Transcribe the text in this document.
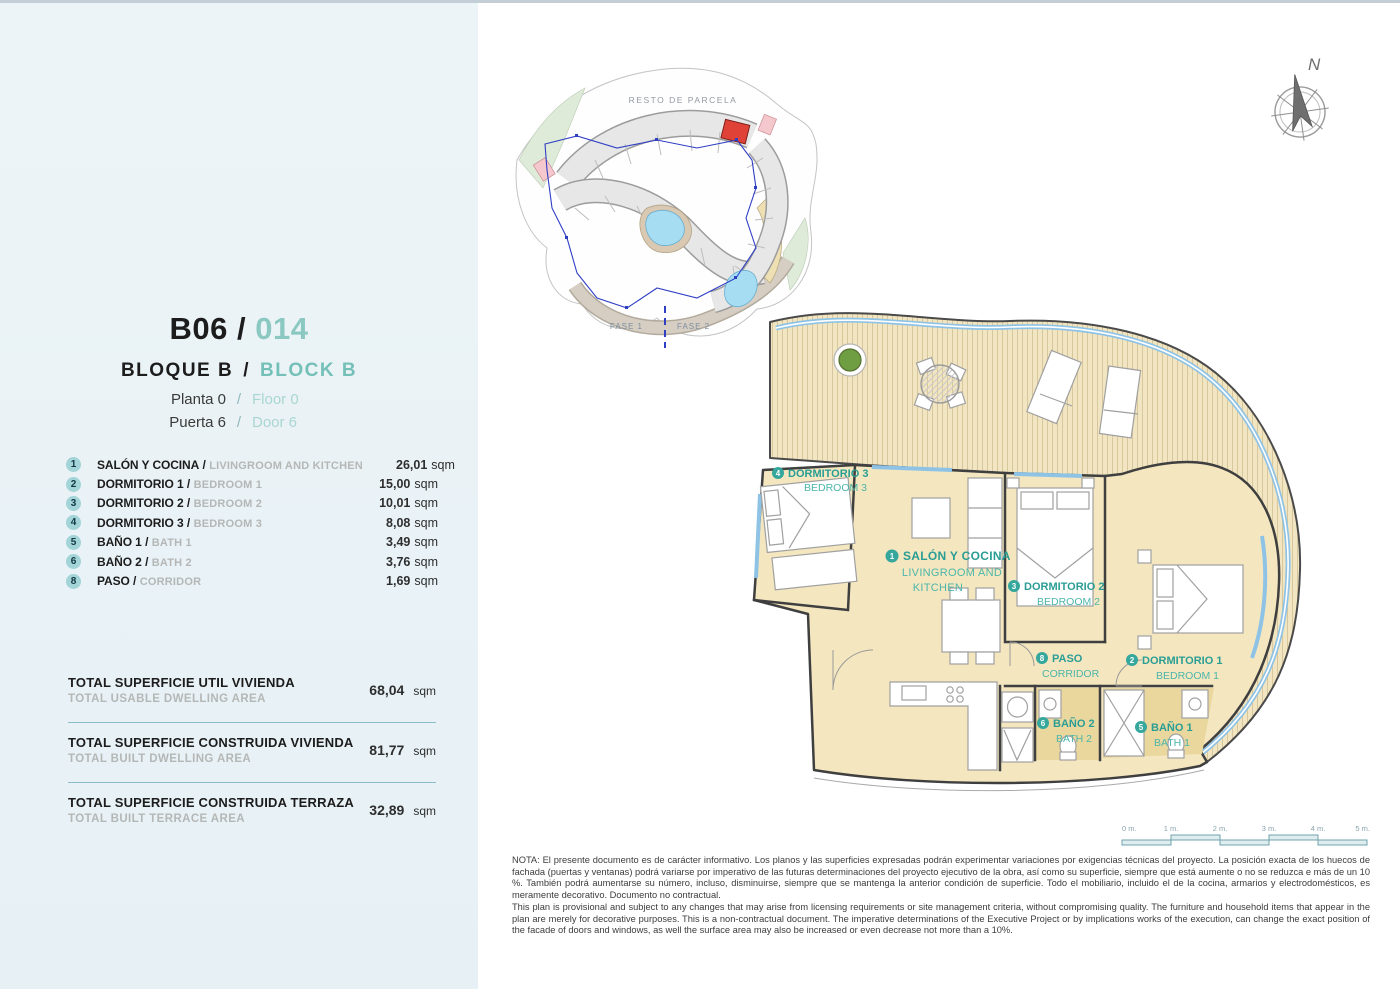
B06 / 014
BLOQUE B / BLOCK B
Planta 0 / Floor 0
Puerta 6 / Door 6
1	SALÓN Y COCINA / LIVINGROOM AND KITCHEN	26,01 sqm
2	DORMITORIO 1 / BEDROOM 1	15,00 sqm
3	DORMITORIO 2 / BEDROOM 2	10,01 sqm
4	DORMITORIO 3 / BEDROOM 3	8,08 sqm
5	BAÑO 1 / BATH 1	3,49 sqm
6	BAÑO 2 / BATH 2	3,76 sqm
8	PASO / CORRIDOR	1,69 sqm
TOTAL SUPERFICIE UTIL VIVIENDA
TOTAL USABLE DWELLING AREA
68,04 sqm
TOTAL SUPERFICIE CONSTRUIDA VIVIENDA
TOTAL BUILT DWELLING AREA
81,77 sqm
TOTAL SUPERFICIE CONSTRUIDA TERRAZA
TOTAL BUILT TERRACE AREA
32,89 sqm
FASE 1	FASE 2
RESTO DE PARCELA
N
1 SALÓN Y COCINA
LIVINGROOM AND
KITCHEN
4 DORMITORIO 3
BEDROOM 3
3 DORMITORIO 2
BEDROOM 2
2 DORMITORIO 1
BEDROOM 1
8 PASO
CORRIDOR
6 BAÑO 2
BATH 2
5 BAÑO 1
BATH 1
0 m.	1 m.	2 m.	3 m.	4 m.	5 m.

NOTA: El presente documento es de carácter informativo. Los planos y las superficies expresadas podrán experimentar variaciones por exigencias técnicas del proyecto. La posición exacta de los huecos de fachada (puertas y ventanas) podrá variarse por imperativo de las futuras determinaciones del proyecto ejecutivo de la obra, así como su superficie, siempre que está aumente o no se reduzca e más de un 10 %. También podrá aumentarse su número, incluso, disminuirse, siempre que se mantenga la anterior condición de superficie. Todo el mobiliario, incluido el de la cocina, armarios y electrodomésticos, es meramente decorativo. Documento no contractual.

This plan is provisional and subject to any changes that may arise from licensing requirements or site management criteria, without compromising quality. The furniture and household items that appear in the plan are merely for decorative purposes. This is a non-contractual document. The imperative determinations of the Executive Project or by implications works of the execution, can change the exact position of the facade of doors and windows, as well the surface area may also be increased or even decrease not more than a 10%.
